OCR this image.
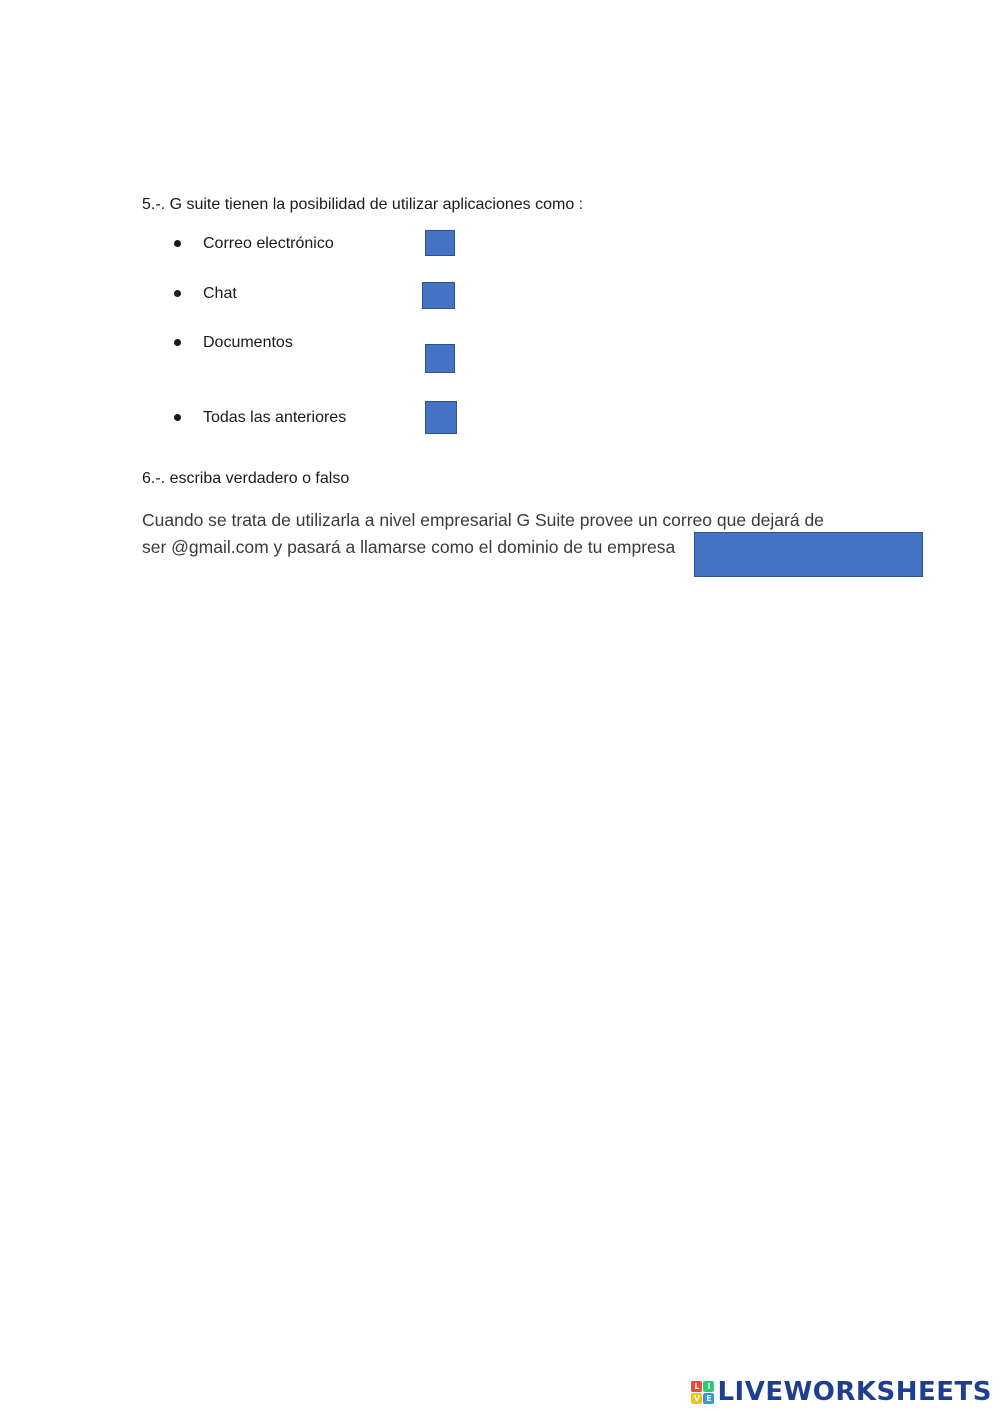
5.-. G suite tienen la posibilidad de utilizar aplicaciones como :
Correo electrónico
Chat
Documentos
Todas las anteriores
6.-. escriba verdadero o falso
Cuando se trata de utilizarla a nivel empresarial G Suite provee un correo que dejará de
ser @gmail.com y pasará a llamarse como el dominio de tu empresa
L I
V E LIVEWORKSHEETS
